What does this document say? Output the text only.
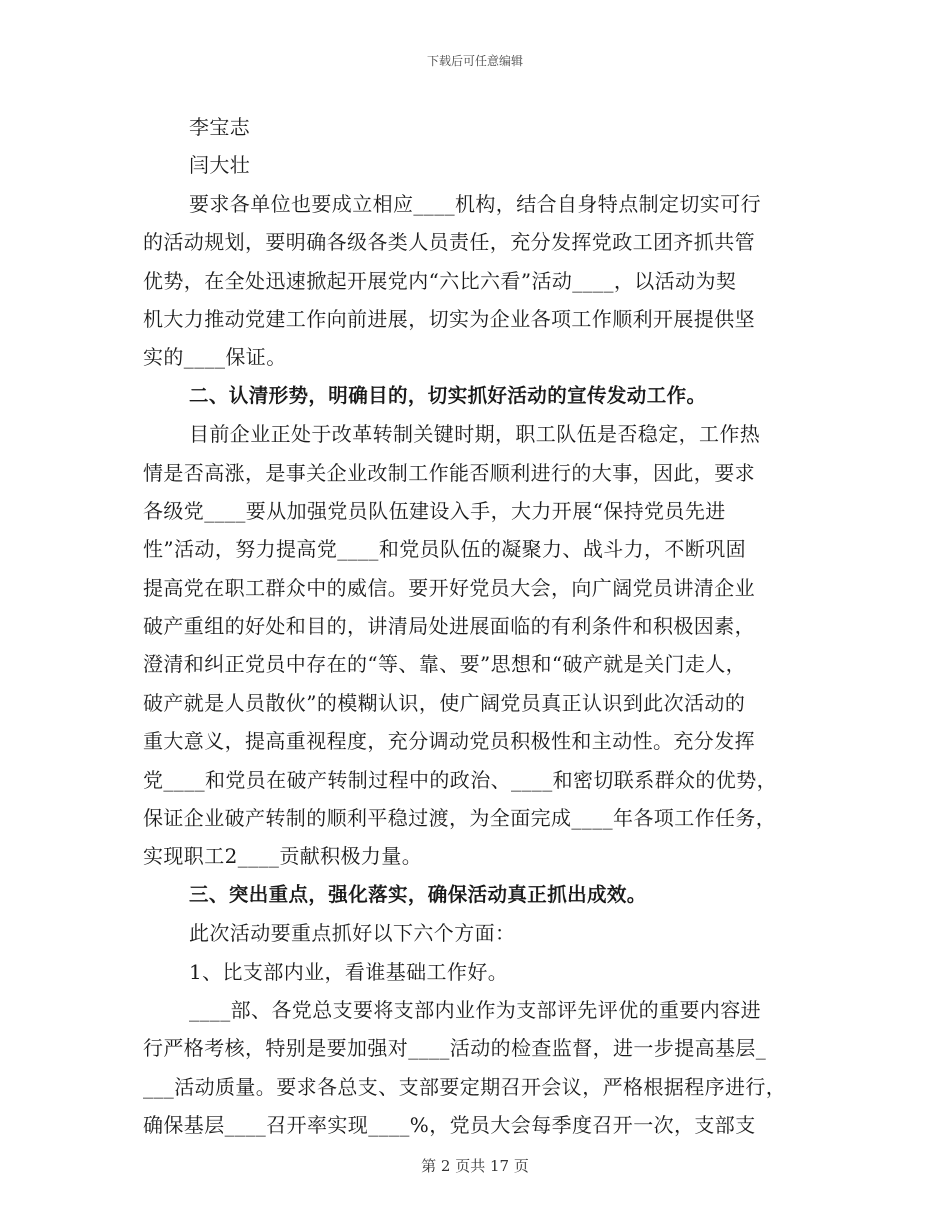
下载后可任意编辑
李宝志
闫大壮
要求各单位也要成立相应____机构，结合自身特点制定切实可行
的活动规划，要明确各级各类人员责任，充分发挥党政工团齐抓共管
优势，在全处迅速掀起开展党内“六比六看”活动____，以活动为契
机大力推动党建工作向前进展，切实为企业各项工作顺利开展提供坚
实的____保证。
二、认清形势，明确目的，切实抓好活动的宣传发动工作。
目前企业正处于改革转制关键时期，职工队伍是否稳定，工作热
情是否高涨，是事关企业改制工作能否顺利进行的大事，因此，要求
各级党____要从加强党员队伍建设入手，大力开展“保持党员先进
性”活动，努力提高党____和党员队伍的凝聚力、战斗力，不断巩固
提高党在职工群众中的威信。要开好党员大会，向广阔党员讲清企业
破产重组的好处和目的，讲清局处进展面临的有利条件和积极因素，
澄清和纠正党员中存在的“等、靠、要”思想和“破产就是关门走人，
破产就是人员散伙”的模糊认识，使广阔党员真正认识到此次活动的
重大意义，提高重视程度，充分调动党员积极性和主动性。充分发挥
党____和党员在破产转制过程中的政治、____和密切联系群众的优势，
保证企业破产转制的顺利平稳过渡，为全面完成____年各项工作任务，
实现职工2____贡献积极力量。
三、突出重点，强化落实，确保活动真正抓出成效。
此次活动要重点抓好以下六个方面：
1、比支部内业，看谁基础工作好。
____部、各党总支要将支部内业作为支部评先评优的重要内容进
行严格考核，特别是要加强对____活动的检查监督，进一步提高基层_
___活动质量。要求各总支、支部要定期召开会议，严格根据程序进行，
确保基层____召开率实现____%，党员大会每季度召开一次，支部支
第 2 页共 17 页
